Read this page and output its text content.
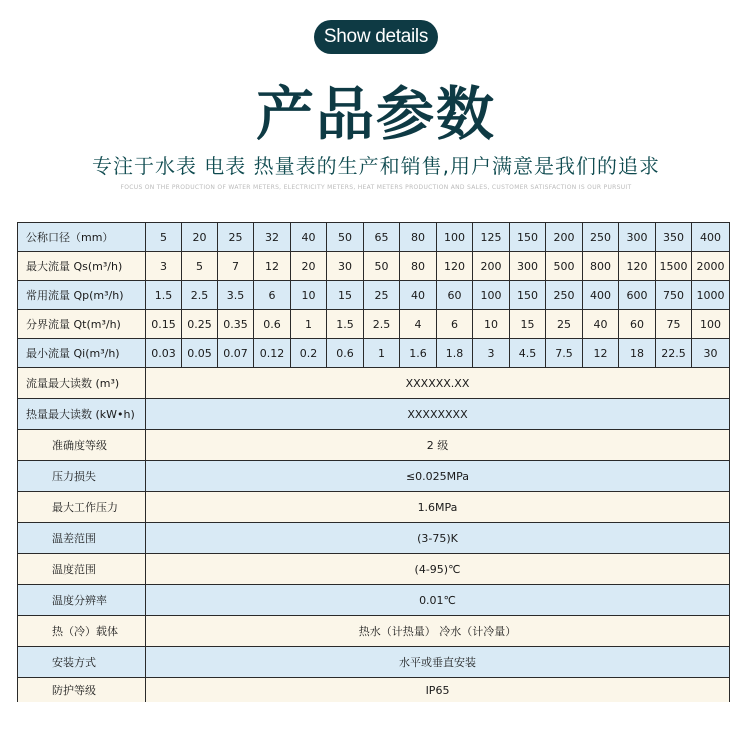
Show details
产品参数
专注于水表 电表 热量表的生产和销售,用户满意是我们的追求
FOCUS ON THE PRODUCTION OF WATER METERS, ELECTRICITY METERS, HEAT METERS PRODUCTION AND SALES, CUSTOMER SATISFACTION IS OUR PURSUIT
公称口径（mm）	5	20	25	32	40	50	65	80	100	125	150	200	250	300	350	400
最大流量 Qs(m³/h)	3	5	7	12	20	30	50	80	120	200	300	500	800	120	1500	2000
常用流量 Qp(m³/h)	1.5	2.5	3.5	6	10	15	25	40	60	100	150	250	400	600	750	1000
分界流量 Qt(m³/h)	0.15	0.25	0.35	0.6	1	1.5	2.5	4	6	10	15	25	40	60	75	100
最小流量 Qi(m³/h)	0.03	0.05	0.07	0.12	0.2	0.6	1	1.6	1.8	3	4.5	7.5	12	18	22.5	30
流量最大读数 (m³)	XXXXXX.XX															
热量最大读数 (kW•h)	XXXXXXXX															
准确度等级	2 级															
压力损失	≤0.025MPa															
最大工作压力	1.6MPa															
温差范围	(3-75)K															
温度范围	(4-95)℃															
温度分辨率	0.01℃															
热（冷）载体	热水（计热量） 冷水（计冷量）															
安装方式	水平或垂直安装															
防护等级	IP65															
